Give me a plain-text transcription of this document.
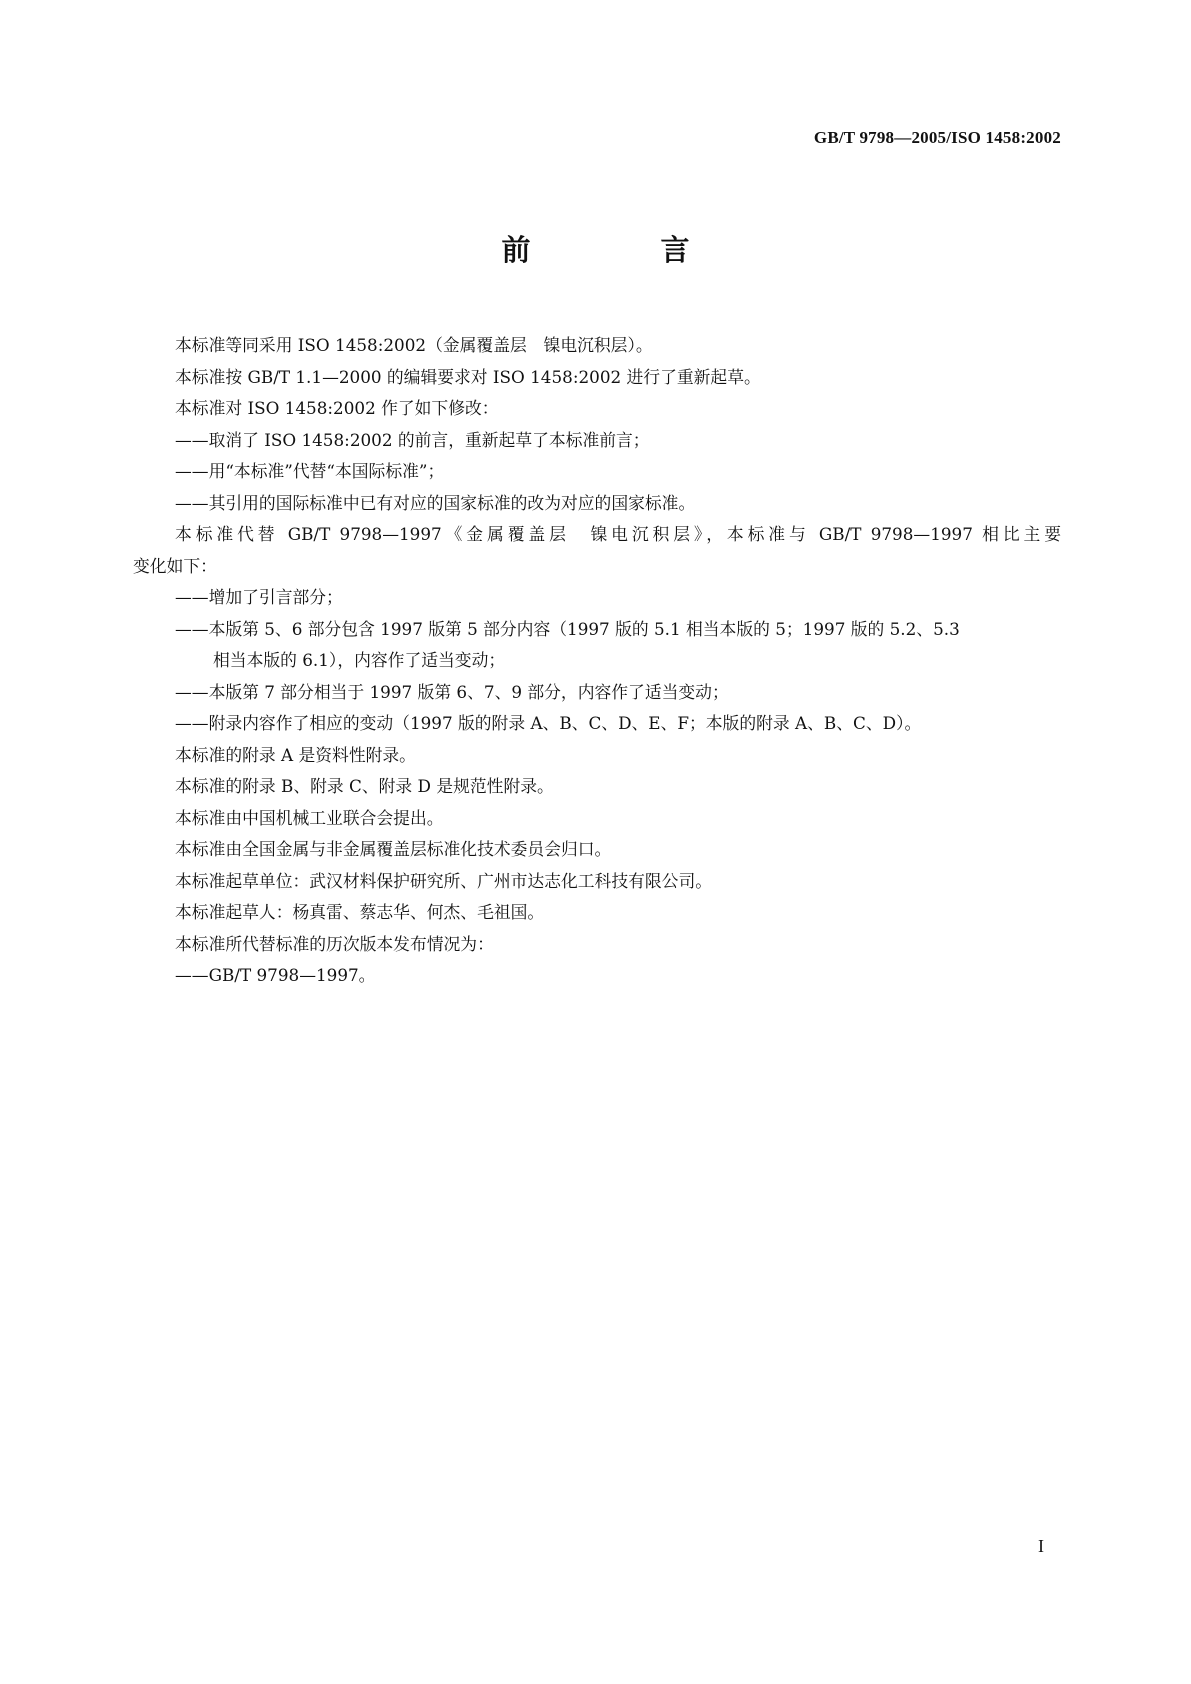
GB/T 9798—2005/ISO 1458:2002
前 言
本标准等同采用 ISO 1458:2002（金属覆盖层　镍电沉积层）。
本标准按 GB/T 1.1—2000 的编辑要求对 ISO 1458:2002 进行了重新起草。
本标准对 ISO 1458:2002 作了如下修改：
——取消了 ISO 1458:2002 的前言，重新起草了本标准前言；
——用“本标准”代替“本国际标准”；
——其引用的国际标准中已有对应的国家标准的改为对应的国家标准。
本标准代替 GB/T 9798—1997《金属覆盖层　镍电沉积层》，本标准与 GB/T 9798—1997 相比主要
变化如下：
——增加了引言部分；
——本版第 5、6 部分包含 1997 版第 5 部分内容（1997 版的 5.1 相当本版的 5；1997 版的 5.2、5.3
相当本版的 6.1），内容作了适当变动；
——本版第 7 部分相当于 1997 版第 6、7、9 部分，内容作了适当变动；
——附录内容作了相应的变动（1997 版的附录 A、B、C、D、E、F；本版的附录 A、B、C、D）。
本标准的附录 A 是资料性附录。
本标准的附录 B、附录 C、附录 D 是规范性附录。
本标准由中国机械工业联合会提出。
本标准由全国金属与非金属覆盖层标准化技术委员会归口。
本标准起草单位：武汉材料保护研究所、广州市达志化工科技有限公司。
本标准起草人：杨真雷、蔡志华、何杰、毛祖国。
本标准所代替标准的历次版本发布情况为：
——GB/T 9798—1997。
I
